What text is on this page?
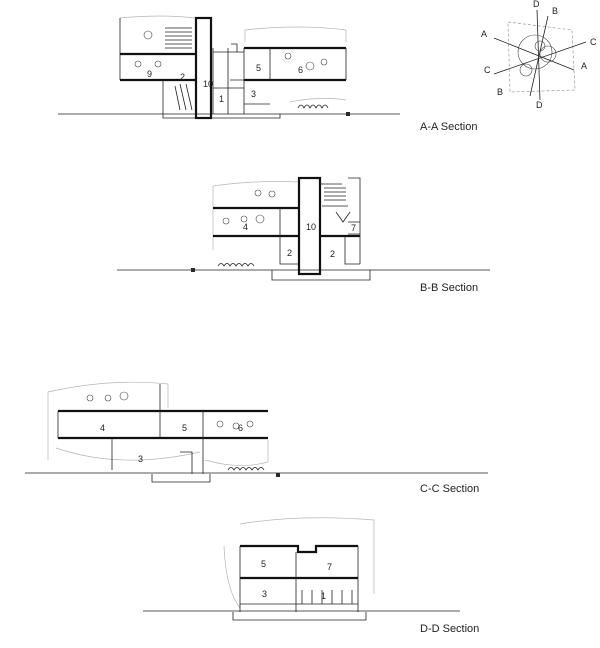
9	2
10
1
5
3
6
A-A Section
D
B
A
C
C	A
B
D
4	10	7
2	2
B-B Section
4	5	6
3
C-C Section
5	7
3	1
D-D Section
